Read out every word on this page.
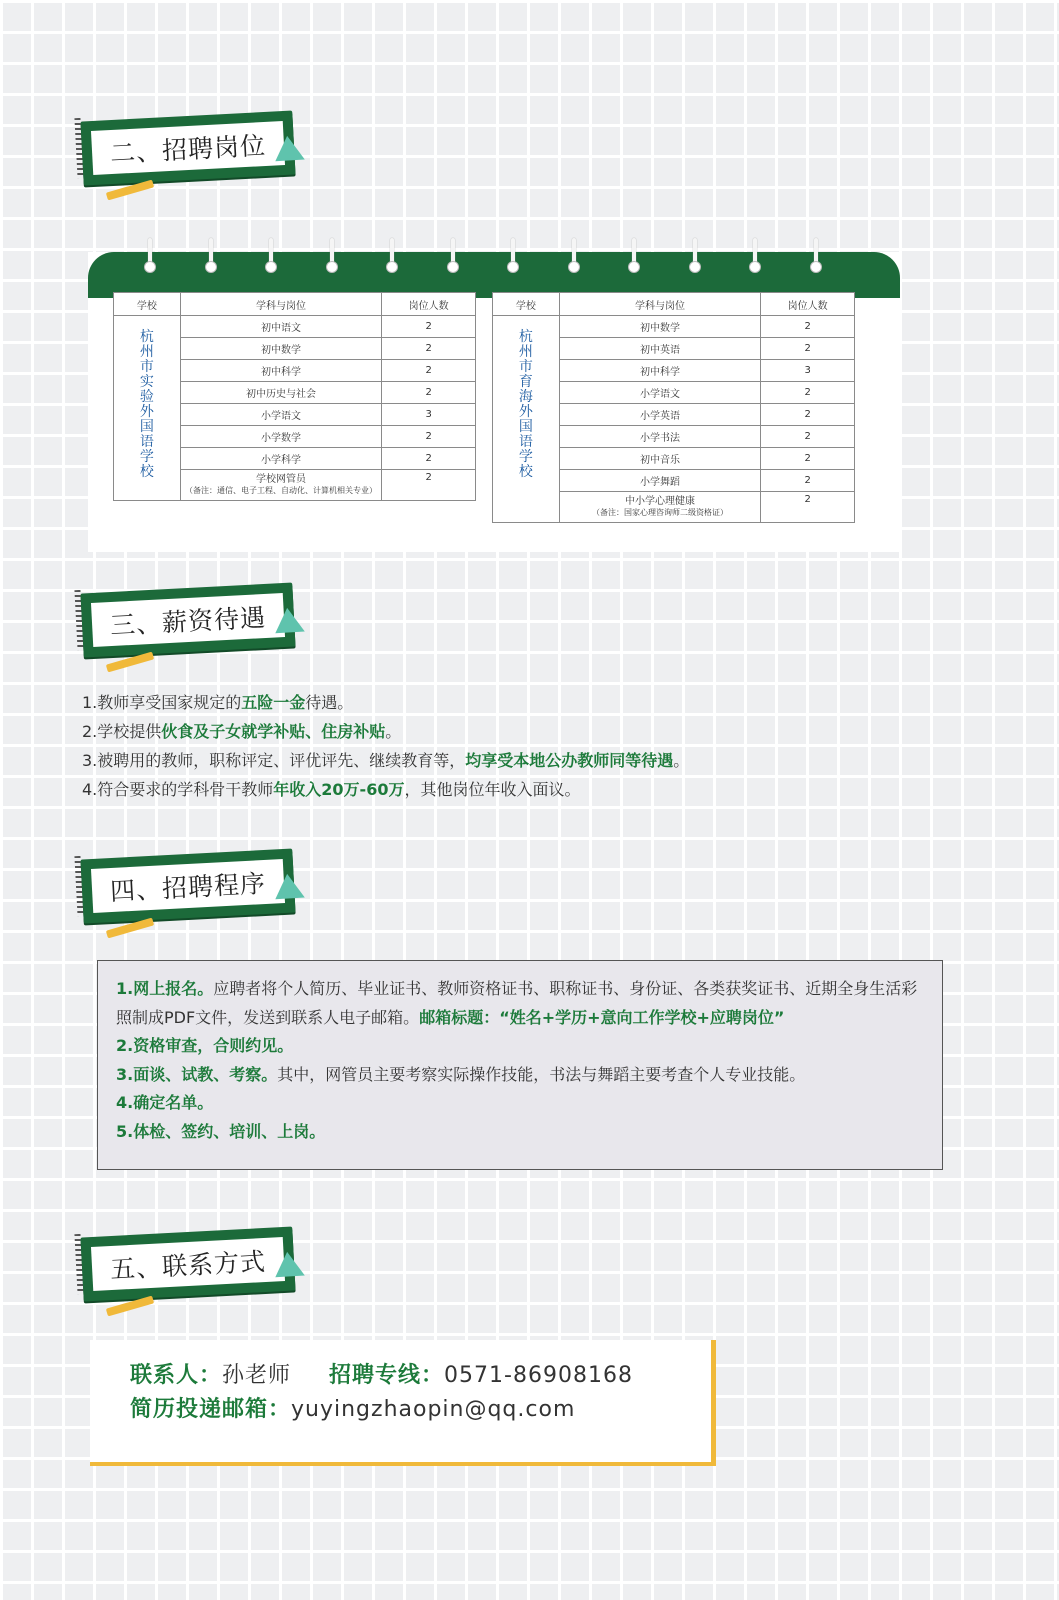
二、招聘岗位
学校	学科与岗位	岗位人数

杭州市实验外国语学校	初中语文	2
	初中数学	2
	初中科学	2
	初中历史与社会	2
	小学语文	3
	小学数学	2
	小学科学	2
	学校网管员
（备注：通信、电子工程、自动化、计算机相关专业）	2
学校	学科与岗位	岗位人数

杭州市育海外国语学校	初中数学	2
	初中英语	2
	初中科学	3
	小学语文	2
	小学英语	2
	小学书法	2
	初中音乐	2
	小学舞蹈	2
	中小学心理健康
（备注：国家心理咨询师二级资格证）	2
三、薪资待遇
1.教师享受国家规定的五险一金待遇。
2.学校提供伙食及子女就学补贴、住房补贴。
3.被聘用的教师，职称评定、评优评先、继续教育等，均享受本地公办教师同等待遇。
4.符合要求的学科骨干教师年收入20万-60万，其他岗位年收入面议。
四、招聘程序

1.网上报名。应聘者将个人简历、毕业证书、教师资格证书、职称证书、身份证、各类获奖证书、近期全身生活彩照制成PDF文件，发送到联系人电子邮箱。邮箱标题：“姓名+学历+意向工作学校+应聘岗位”

2.资格审查，合则约见。

3.面谈、试教、考察。其中，网管员主要考察实际操作技能，书法与舞蹈主要考查个人专业技能。

4.确定名单。

5.体检、签约、培训、上岗。

五、联系方式
联系人：孙老师 招聘专线：0571-86908168
简历投递邮箱：yuyingzhaopin@qq.com
